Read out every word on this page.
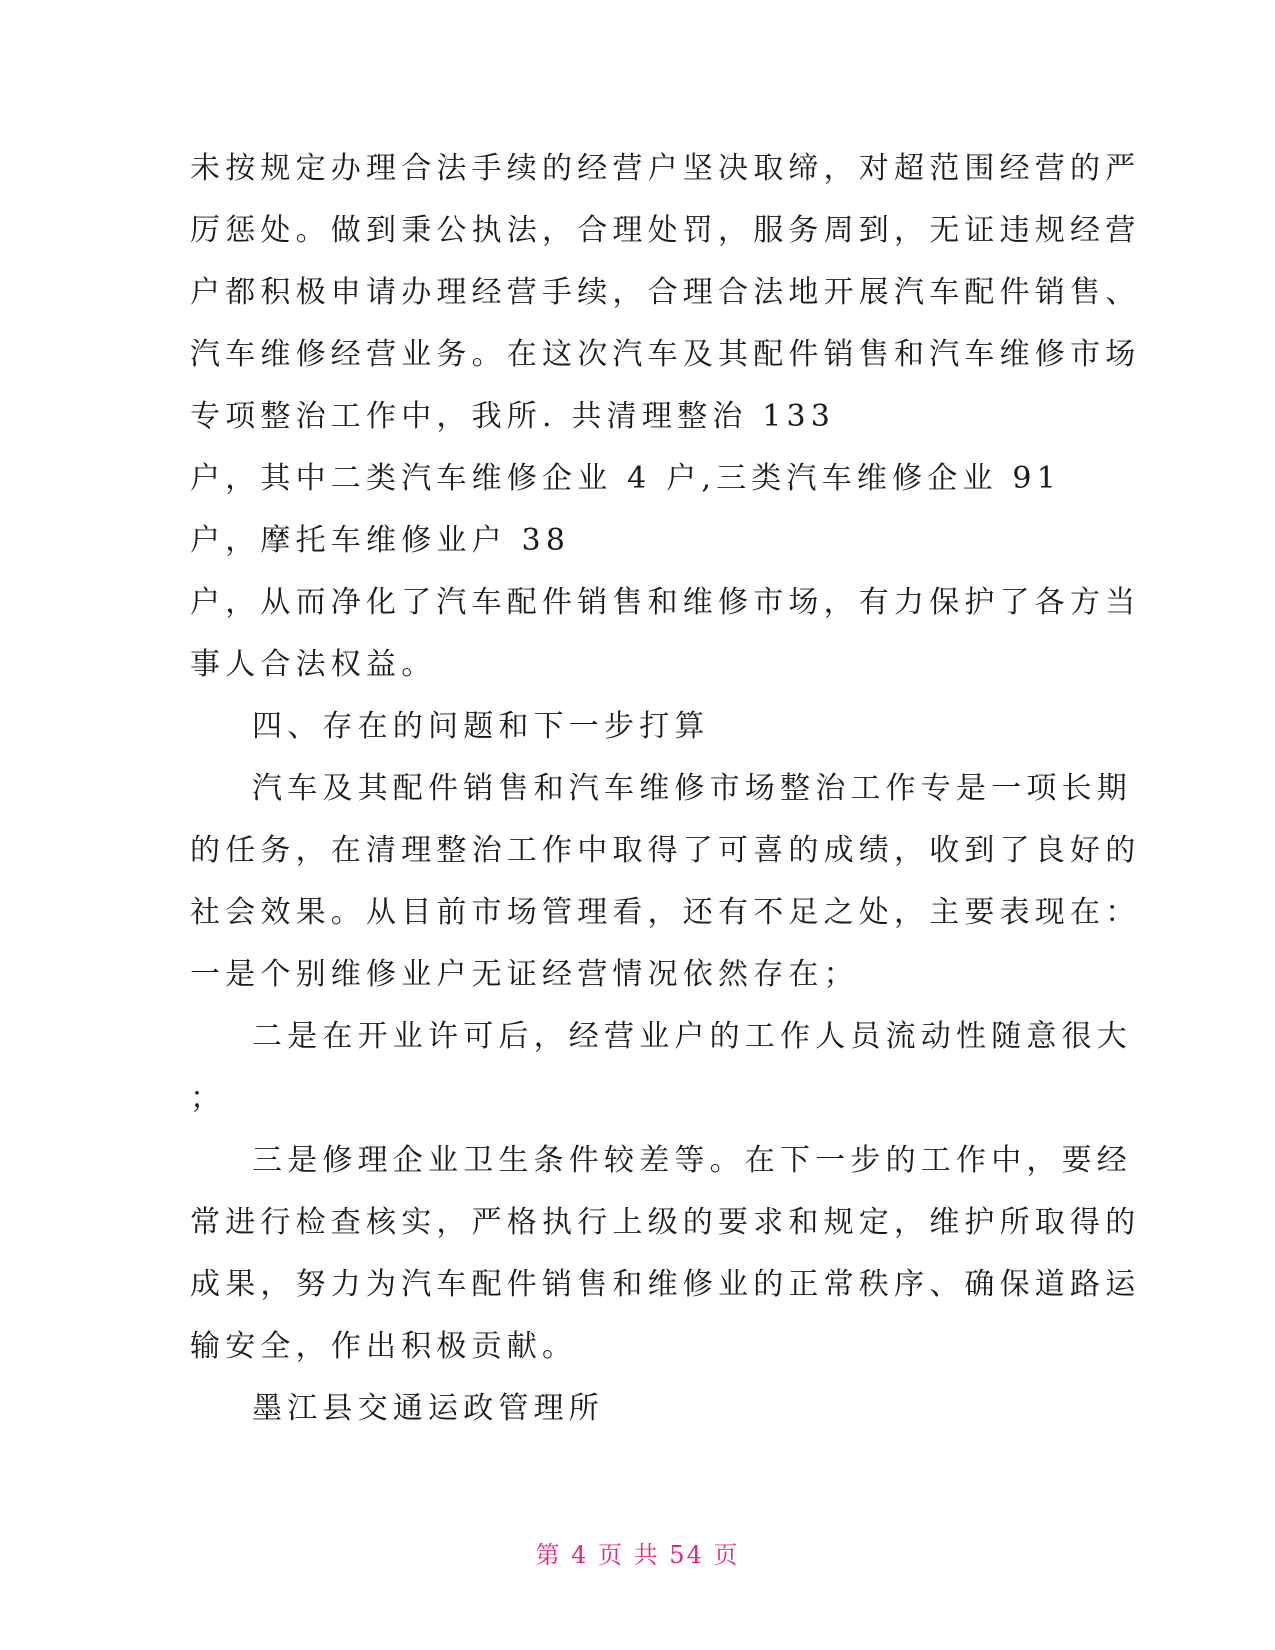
未按规定办理合法手续的经营户坚决取缔，对超范围经营的严
厉惩处。做到秉公执法，合理处罚，服务周到，无证违规经营
户都积极申请办理经营手续，合理合法地开展汽车配件销售、
汽车维修经营业务。在这次汽车及其配件销售和汽车维修市场
专项整治工作中，我所. 共清理整治 133
户，其中二类汽车维修企业 4 户,三类汽车维修企业 91
户，摩托车维修业户 38
户，从而净化了汽车配件销售和维修市场，有力保护了各方当
事人合法权益。
四、存在的问题和下一步打算
汽车及其配件销售和汽车维修市场整治工作专是一项长期
的任务，在清理整治工作中取得了可喜的成绩，收到了良好的
社会效果。从目前市场管理看，还有不足之处，主要表现在：
一是个别维修业户无证经营情况依然存在；
二是在开业许可后，经营业户的工作人员流动性随意很大
；
三是修理企业卫生条件较差等。在下一步的工作中，要经
常进行检查核实，严格执行上级的要求和规定，维护所取得的
成果，努力为汽车配件销售和维修业的正常秩序、确保道路运
输安全，作出积极贡献。
墨江县交通运政管理所
第 4 页 共 54 页
